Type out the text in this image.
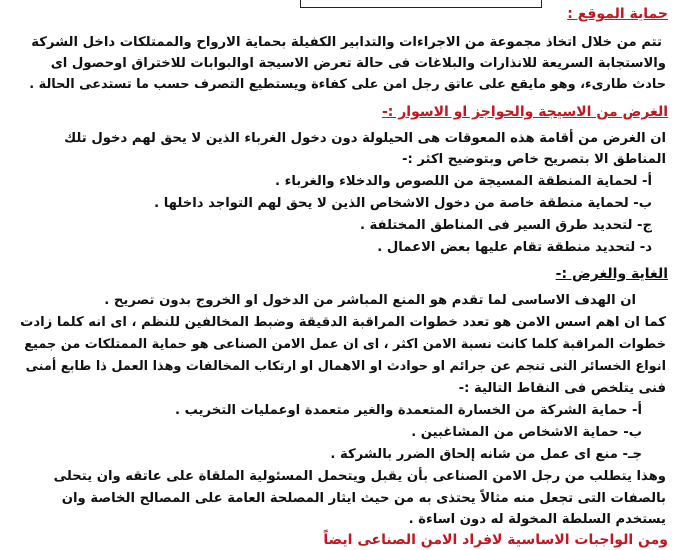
حماية الموقع :
تتم من خلال اتخاذ مجموعة من الاجراءات والتدابير الكفيلة بحماية الارواح والممتلكات داخل الشركة
والاستجابة السريعة للانذارات والبلاغات فى حالة تعرض الاسيجة اوالبوابات للاختراق اوحصول اى
حادث طارىء، وهو مايقع على عاتق رجل امن على كفاءة ويستطيع التصرف حسب ما تستدعى الحالة .
الغرض من الاسيجة والحواجز او الاسوار :-
ان الغرض من أقامة هذه المعوقات هى الحيلولة دون دخول الغرباء الذين لا يحق لهم دخول تلك
المناطق الا بتصريح خاص وبتوضيح اكثر :-
أ- لحماية المنطقة المسيجة من اللصوص والدخلاء والغرباء .
ب- لحماية منطقة خاصة من دخول الاشخاص الذين لا يحق لهم التواجد داخلها .
ج- لتحديد طرق السير فى المناطق المختلفة .
د- لتحديد منطقة تقام عليها بعض الاعمال .
الغاية والغرض :-
ان الهدف الاساسى لما تقدم هو المنع المباشر من الدخول او الخروج بدون تصريح .
كما ان اهم اسس الامن هو تعدد خطوات المراقبة الدقيقة وضبط المخالفين للنظم ، اى انه كلما زادت
خطوات المراقبة كلما كانت نسبة الامن اكثر ، اى ان عمل الامن الصناعى هو حماية الممتلكات من جميع
انواع الخسائر التى تنجم عن جرائم او حوادث او الاهمال او ارتكاب المخالفات وهذا العمل ذا طابع أمنى
فنى يتلخص فى النقاط التالية :-
أ- حماية الشركة من الخسارة المتعمدة والغير متعمدة اوعمليات التخريب .
ب- حماية الاشخاص من المشاغبين .
جـ- منع اى عمل من شانه إلحاق الضرر بالشركة .
وهذا يتطلب من رجل الامن الصناعى بأن يقبل ويتحمل المسئولية الملقاة على عاتقه وان يتحلى
بالصفات التى تجعل منه مثالاً يحتذى به من حيث ايثار المصلحة العامة على المصالح الخاصة وان
يستخدم السلطة المخولة له دون اساءة .
ومن الواجبات الاساسية لافراد الامن الصناعى ايضاً
